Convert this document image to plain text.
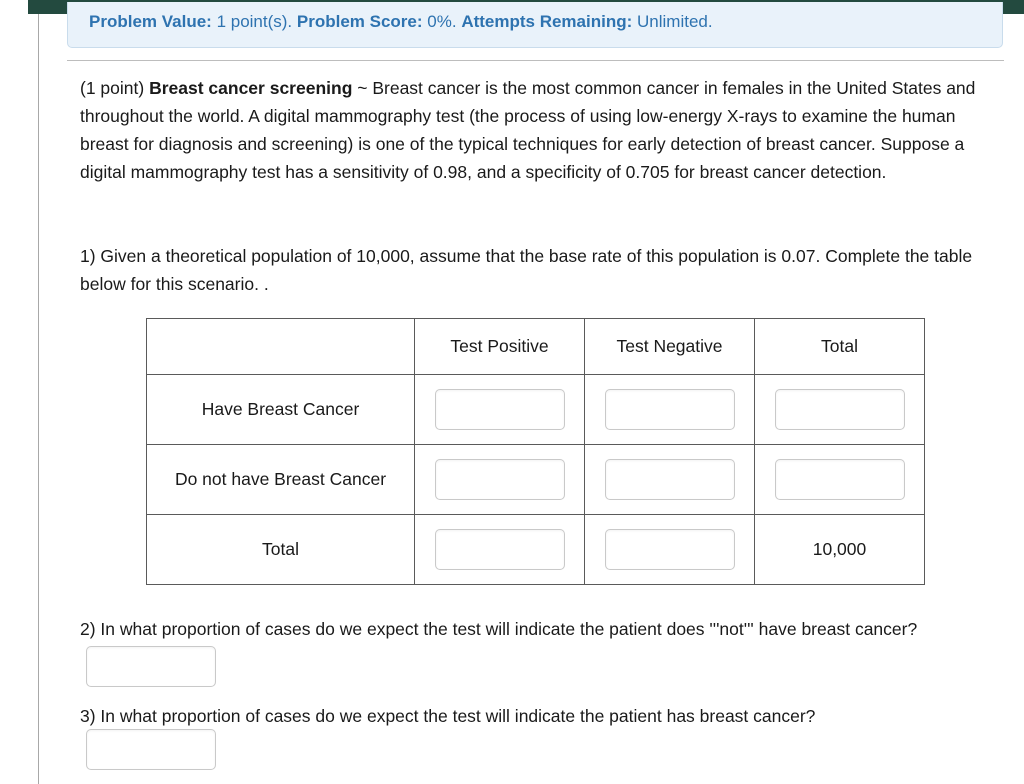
Problem Value: 1 point(s). Problem Score: 0%. Attempts Remaining: Unlimited.
(1 point) Breast cancer screening ~ Breast cancer is the most common cancer in females in the United States and throughout the world. A digital mammography test (the process of using low-energy X-rays to examine the human breast for diagnosis and screening) is one of the typical techniques for early detection of breast cancer. Suppose a digital mammography test has a sensitivity of 0.98, and a specificity of 0.705 for breast cancer detection.
1) Given a theoretical population of 10,000, assume that the base rate of this population is 0.07. Complete the table below for this scenario. .
	Test Positive	Test Negative	Total
Have Breast Cancer			
Do not have Breast Cancer			
Total			10,000
2) In what proportion of cases do we expect the test will indicate the patient does '''not''' have breast cancer?
3) In what proportion of cases do we expect the test will indicate the patient has breast cancer?
